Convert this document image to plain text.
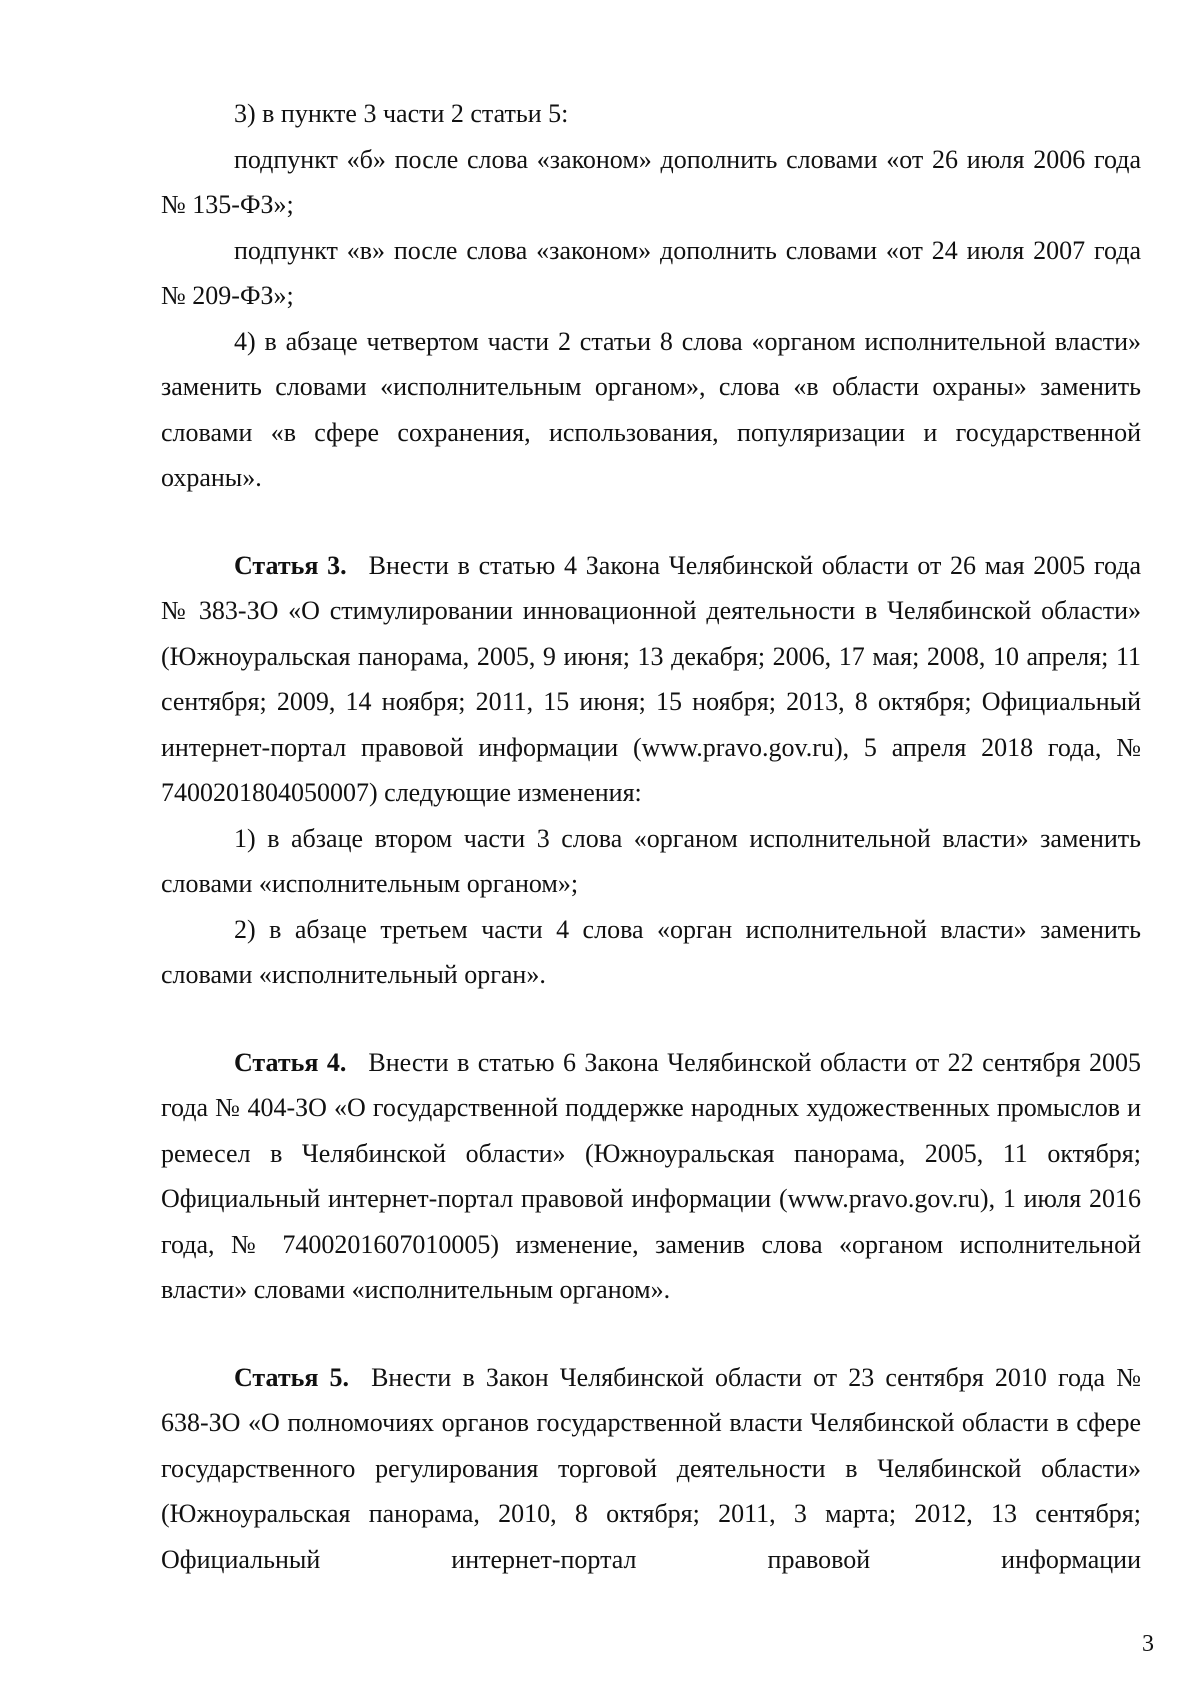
3) в пункте 3 части 2 статьи 5:

подпункт «б» после слова «законом» дополнить словами «от 26 июля 2006 года № 135-ФЗ»;

подпункт «в» после слова «законом» дополнить словами «от 24 июля 2007 года № 209-ФЗ»;

4) в абзаце четвертом части 2 статьи 8 слова «органом исполнительной власти» заменить словами «исполнительным органом», слова «в области охраны» заменить словами «в сфере сохранения, использования, популяризации и государственной охраны».

Статья 3. Внести в статью 4 Закона Челябинской области от 26 мая 2005 года № 383-ЗО «О стимулировании инновационной деятельности в Челябинской области» (Южноуральская панорама, 2005, 9 июня; 13 декабря; 2006, 17 мая; 2008, 10 апреля; 11 сентября; 2009, 14 ноября; 2011, 15 июня; 15 ноября; 2013, 8 октября; Официальный интернет-портал правовой информации (www.pravo.gov.ru), 5 апреля 2018 года, № 7400201804050007) следующие изменения:

1) в абзаце втором части 3 слова «органом исполнительной власти» заменить словами «исполнительным органом»;

2) в абзаце третьем части 4 слова «орган исполнительной власти» заменить словами «исполнительный орган».

Статья 4. Внести в статью 6 Закона Челябинской области от 22 сентября 2005 года № 404-ЗО «О государственной поддержке народных художественных промыслов и ремесел в Челябинской области» (Южноуральская панорама, 2005, 11 октября; Официальный интернет-портал правовой информации (www.pravo.gov.ru), 1 июля 2016 года, № 7400201607010005) изменение, заменив слова «органом исполнительной власти» словами «исполнительным органом».

Статья 5. Внести в Закон Челябинской области от 23 сентября 2010 года № 638-ЗО «О полномочиях органов государственной власти Челябинской области в сфере государственного регулирования торговой деятельности в Челябинской области» (Южноуральская панорама, 2010, 8 октября; 2011, 3 марта; 2012, 13 сентября; Официальный интернет-портал правовой информации

3
